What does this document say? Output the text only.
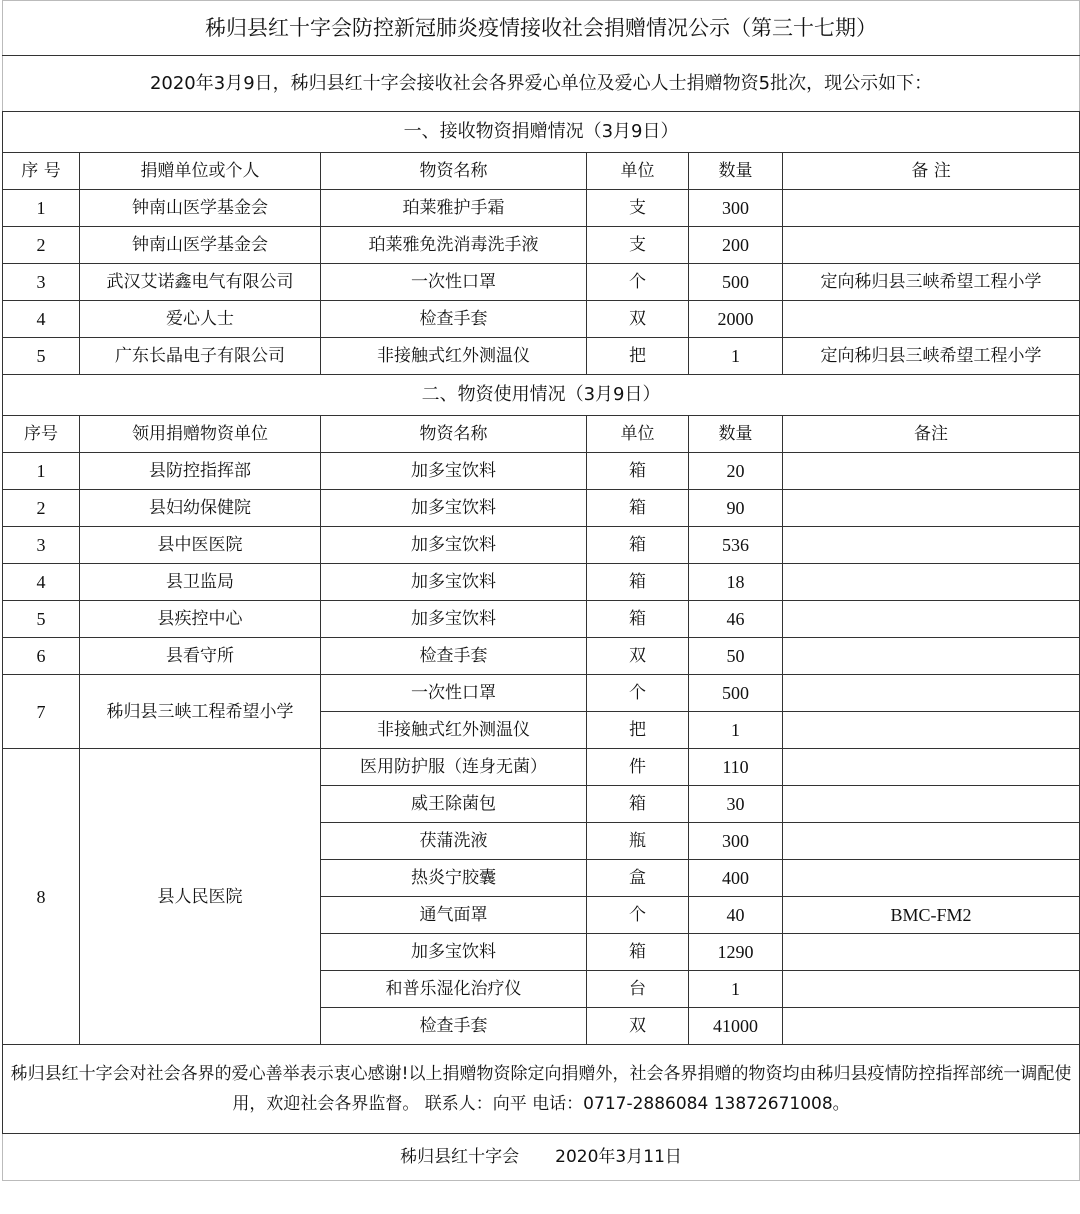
秭归县红十字会防控新冠肺炎疫情接收社会捐赠情况公示（第三十七期）					
2020年3月9日，秭归县红十字会接收社会各界爱心单位及爱心人士捐赠物资5批次，现公示如下：					
一、接收物资捐赠情况（3月9日）					
序 号	捐赠单位或个人	物资名称	单位	数量	备 注
1	钟南山医学基金会	珀莱雅护手霜	支	300	
2	钟南山医学基金会	珀莱雅免洗消毒洗手液	支	200	
3	武汉艾诺鑫电气有限公司	一次性口罩	个	500	定向秭归县三峡希望工程小学
4	爱心人士	检查手套	双	2000	
5	广东长晶电子有限公司	非接触式红外测温仪	把	1	定向秭归县三峡希望工程小学
二、物资使用情况（3月9日）					
序号	领用捐赠物资单位	物资名称	单位	数量	备注
1	县防控指挥部	加多宝饮料	箱	20	
2	县妇幼保健院	加多宝饮料	箱	90	
3	县中医医院	加多宝饮料	箱	536	
4	县卫监局	加多宝饮料	箱	18	
5	县疾控中心	加多宝饮料	箱	46	
6	县看守所	检查手套	双	50	
7	秭归县三峡工程希望小学	一次性口罩	个	500	
		非接触式红外测温仪	把	1	
8	县人民医院	医用防护服（连身无菌）	件	110	
		威王除菌包	箱	30	
		茯蒲洗液	瓶	300	
		热炎宁胶囊	盒	400	
		通气面罩	个	40	BMC-FM2
		加多宝饮料	箱	1290	
		和普乐湿化治疗仪	台	1	
		检查手套	双	41000	
秭归县红十字会对社会各界的爱心善举表示衷心感谢!以上捐赠物资除定向捐赠外，社会各界捐赠的物资均由秭归县疫情防控指挥部统一调配使用，欢迎社会各界监督。 联系人：向平 电话：0717-2886084 13872671008。					
秭归县红十字会 2020年3月11日					
